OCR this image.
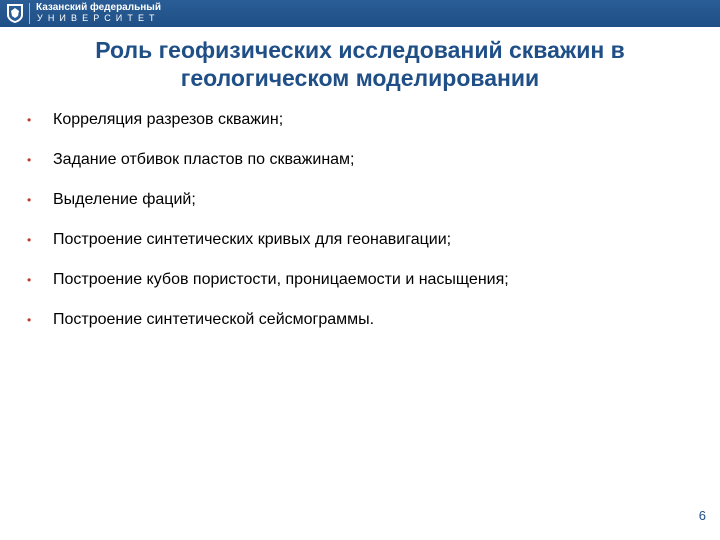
Казанский федеральный
УНИВЕРСИТЕТ
Роль геофизических исследований скважин в геологическом моделировании
•	Корреляция разрезов скважин;
•	Задание отбивок пластов по скважинам;
•	Выделение фаций;
•	Построение синтетических кривых для геонавигации;
•	Построение кубов пористости, проницаемости и насыщения;
•	Построение синтетической сейсмограммы.
6
